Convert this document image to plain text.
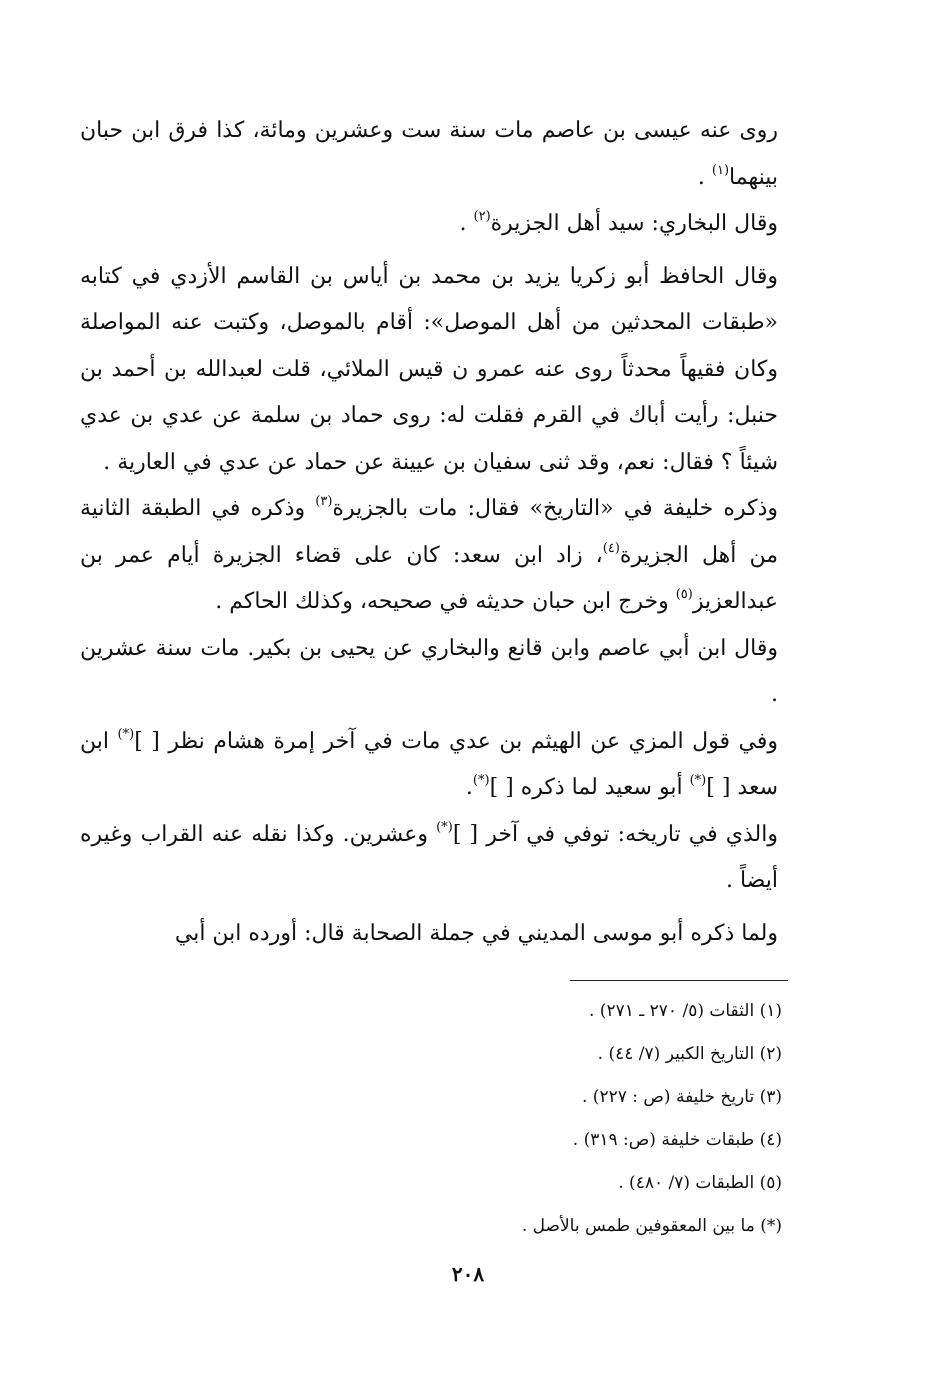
روى عنه عيسى بن عاصم مات سنة ست وعشرين ومائة، كذا فرق ابن حبان بينهما$^{(١)}$ .

وقال البخاري: سيد أهل الجزيرة$^{(٢)}$ .

وقال الحافظ أبو زكريا يزيد بن محمد بن أياس بن القاسم الأزدي في كتابه «طبقات المحدثين من أهل الموصل»: أقام بالموصل، وكتبت عنه المواصلة وكان فقيهاً محدثاً روى عنه عمرو ن قيس الملائي، قلت لعبدالله بن أحمد بن حنبل: رأيت أباك في القرم فقلت له: روى حماد بن سلمة عن عدي بن عدي شيئاً ؟ فقال: نعم، وقد ثنى سفيان بن عيينة عن حماد عن عدي في العارية .

وذكره خليفة في «التاريخ» فقال: مات بالجزيرة$^{(٣)}$ وذكره في الطبقة الثانية من أهل الجزيرة$^{(٤)}$، زاد ابن سعد: كان على قضاء الجزيرة أيام عمر بن عبدالعزيز$^{(٥)}$ وخرج ابن حبان حديثه في صحيحه، وكذلك الحاكم .

وقال ابن أبي عاصم وابن قانع والبخاري عن يحيى بن بكير. مات سنة عشرين .

وفي قول المزي عن الهيثم بن عدي مات في آخر إمرة هشام نظر [ ](*) ابن سعد [ ](*) أبو سعيد لما ذكره [ ](*).

والذي في تاريخه: توفي في آخر [ ](*) وعشرين. وكذا نقله عنه القراب وغيره أيضاً .

ولما ذكره أبو موسى المديني في جملة الصحابة قال: أورده ابن أبي

(١) الثقات (٥/ ٢٧٠ ـ ٢٧١) .
(٢) التاريخ الكبير (٧/ ٤٤) .
(٣) تاريخ خليفة (ص : ٢٢٧) .
(٤) طبقات خليفة (ص: ٣١٩) .
(٥) الطبقات (٧/ ٤٨٠) .
(*) ما بين المعقوفين طمس بالأصل .
٢٠٨
